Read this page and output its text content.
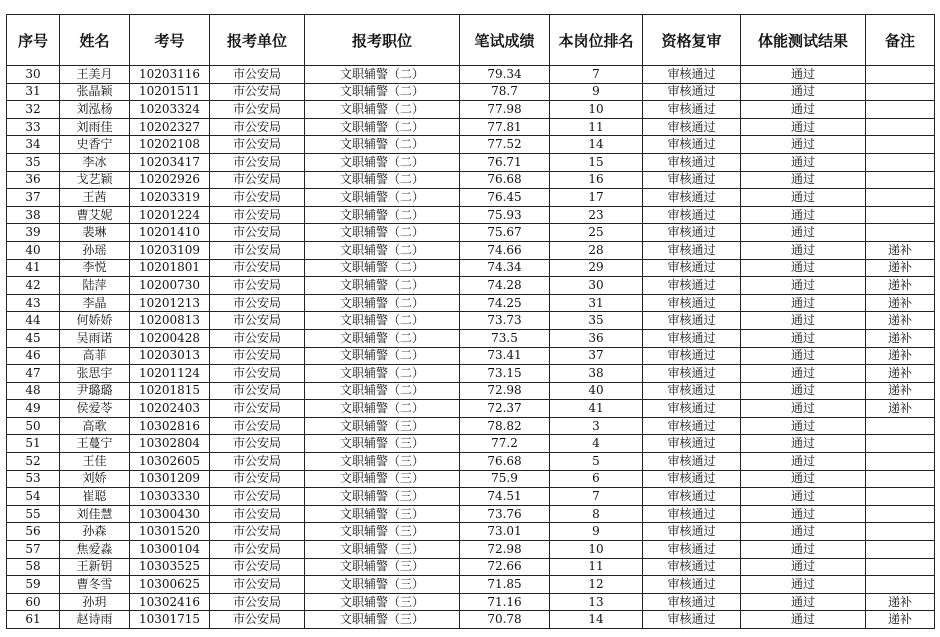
序号	姓名	考号	报考单位	报考职位	笔试成绩	本岗位排名	资格复审	体能测试结果	备注
30	王美月	10203116	市公安局	文职辅警（二）	79.34	7	审核通过	通过	
31	张晶颖	10201511	市公安局	文职辅警（二）	78.7	9	审核通过	通过	
32	刘泓杨	10203324	市公安局	文职辅警（二）	77.98	10	审核通过	通过	
33	刘雨佳	10202327	市公安局	文职辅警（二）	77.81	11	审核通过	通过	
34	史香宁	10202108	市公安局	文职辅警（二）	77.52	14	审核通过	通过	
35	李冰	10203417	市公安局	文职辅警（二）	76.71	15	审核通过	通过	
36	戈艺颖	10202926	市公安局	文职辅警（二）	76.68	16	审核通过	通过	
37	王茜	10203319	市公安局	文职辅警（二）	76.45	17	审核通过	通过	
38	曹艾妮	10201224	市公安局	文职辅警（二）	75.93	23	审核通过	通过	
39	裴琳	10201410	市公安局	文职辅警（二）	75.67	25	审核通过	通过	
40	孙瑶	10203109	市公安局	文职辅警（二）	74.66	28	审核通过	通过	递补
41	李悦	10201801	市公安局	文职辅警（二）	74.34	29	审核通过	通过	递补
42	陆萍	10200730	市公安局	文职辅警（二）	74.28	30	审核通过	通过	递补
43	李晶	10201213	市公安局	文职辅警（二）	74.25	31	审核通过	通过	递补
44	何娇娇	10200813	市公安局	文职辅警（二）	73.73	35	审核通过	通过	递补
45	吴雨诺	10200428	市公安局	文职辅警（二）	73.5	36	审核通过	通过	递补
46	高菲	10203013	市公安局	文职辅警（二）	73.41	37	审核通过	通过	递补
47	张思宇	10201124	市公安局	文职辅警（二）	73.15	38	审核通过	通过	递补
48	尹璐璐	10201815	市公安局	文职辅警（二）	72.98	40	审核通过	通过	递补
49	侯爱苓	10202403	市公安局	文职辅警（二）	72.37	41	审核通过	通过	递补
50	高歌	10302816	市公安局	文职辅警（三）	78.82	3	审核通过	通过	
51	王蔓宁	10302804	市公安局	文职辅警（三）	77.2	4	审核通过	通过	
52	王佳	10302605	市公安局	文职辅警（三）	76.68	5	审核通过	通过	
53	刘娇	10301209	市公安局	文职辅警（三）	75.9	6	审核通过	通过	
54	崔聪	10303330	市公安局	文职辅警（三）	74.51	7	审核通过	通过	
55	刘佳慧	10300430	市公安局	文职辅警（三）	73.76	8	审核通过	通过	
56	孙森	10301520	市公安局	文职辅警（三）	73.01	9	审核通过	通过	
57	焦爱淼	10300104	市公安局	文职辅警（三）	72.98	10	审核通过	通过	
58	王新钥	10303525	市公安局	文职辅警（三）	72.66	11	审核通过	通过	
59	曹冬雪	10300625	市公安局	文职辅警（三）	71.85	12	审核通过	通过	
60	孙玥	10302416	市公安局	文职辅警（三）	71.16	13	审核通过	通过	递补
61	赵诗雨	10301715	市公安局	文职辅警（三）	70.78	14	审核通过	通过	递补
